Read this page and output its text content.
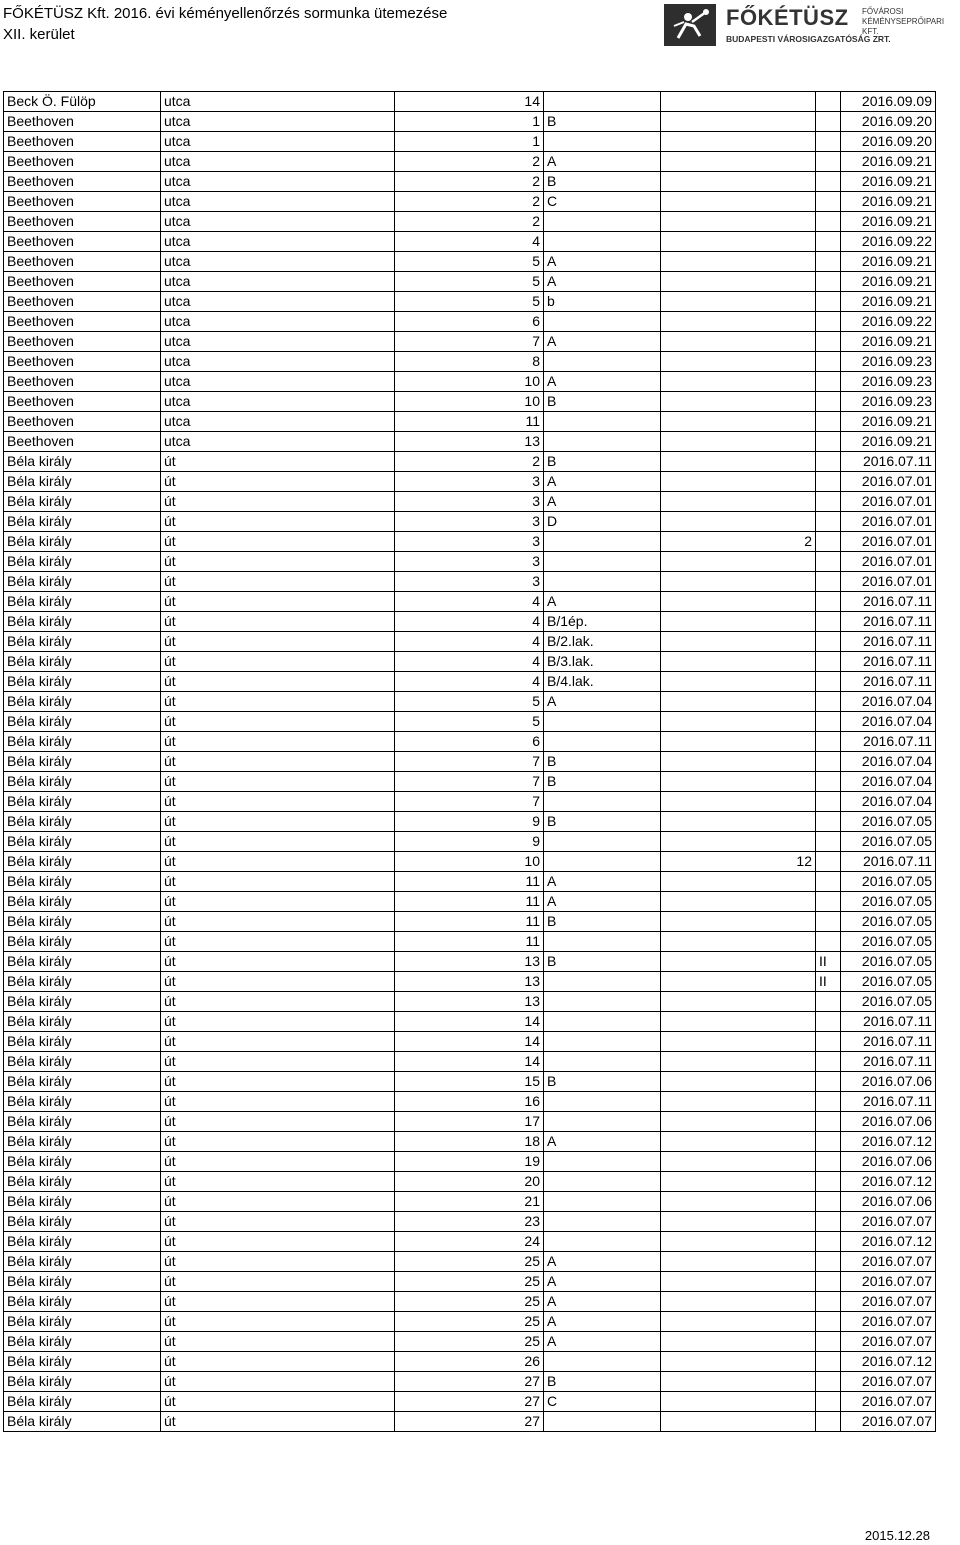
FŐKÉTÜSZ Kft. 2016. évi kéményellenőrzés sormunka ütemezése
XII. kerület
FŐKÉTÜSZ FŐVÁROSI
KÉMÉNYSEPRŐIPARI KFT.
BUDAPESTI VÁROSIGAZGATÓSÁG ZRT.
Beck Ö. Fülöp	utca	14				2016.09.09
Beethoven	utca	1	B			2016.09.20
Beethoven	utca	1				2016.09.20
Beethoven	utca	2	A			2016.09.21
Beethoven	utca	2	B			2016.09.21
Beethoven	utca	2	C			2016.09.21
Beethoven	utca	2				2016.09.21
Beethoven	utca	4				2016.09.22
Beethoven	utca	5	A			2016.09.21
Beethoven	utca	5	A			2016.09.21
Beethoven	utca	5	b			2016.09.21
Beethoven	utca	6				2016.09.22
Beethoven	utca	7	A			2016.09.21
Beethoven	utca	8				2016.09.23
Beethoven	utca	10	A			2016.09.23
Beethoven	utca	10	B			2016.09.23
Beethoven	utca	11				2016.09.21
Beethoven	utca	13				2016.09.21
Béla király	út	2	B			2016.07.11
Béla király	út	3	A			2016.07.01
Béla király	út	3	A			2016.07.01
Béla király	út	3	D			2016.07.01
Béla király	út	3		2		2016.07.01
Béla király	út	3				2016.07.01
Béla király	út	3				2016.07.01
Béla király	út	4	A			2016.07.11
Béla király	út	4	B/1ép.			2016.07.11
Béla király	út	4	B/2.lak.			2016.07.11
Béla király	út	4	B/3.lak.			2016.07.11
Béla király	út	4	B/4.lak.			2016.07.11
Béla király	út	5	A			2016.07.04
Béla király	út	5				2016.07.04
Béla király	út	6				2016.07.11
Béla király	út	7	B			2016.07.04
Béla király	út	7	B			2016.07.04
Béla király	út	7				2016.07.04
Béla király	út	9	B			2016.07.05
Béla király	út	9				2016.07.05
Béla király	út	10		12		2016.07.11
Béla király	út	11	A			2016.07.05
Béla király	út	11	A			2016.07.05
Béla király	út	11	B			2016.07.05
Béla király	út	11				2016.07.05
Béla király	út	13	B		II	2016.07.05
Béla király	út	13			II	2016.07.05
Béla király	út	13				2016.07.05
Béla király	út	14				2016.07.11
Béla király	út	14				2016.07.11
Béla király	út	14				2016.07.11
Béla király	út	15	B			2016.07.06
Béla király	út	16				2016.07.11
Béla király	út	17				2016.07.06
Béla király	út	18	A			2016.07.12
Béla király	út	19				2016.07.06
Béla király	út	20				2016.07.12
Béla király	út	21				2016.07.06
Béla király	út	23				2016.07.07
Béla király	út	24				2016.07.12
Béla király	út	25	A			2016.07.07
Béla király	út	25	A			2016.07.07
Béla király	út	25	A			2016.07.07
Béla király	út	25	A			2016.07.07
Béla király	út	25	A			2016.07.07
Béla király	út	26				2016.07.12
Béla király	út	27	B			2016.07.07
Béla király	út	27	C			2016.07.07
Béla király	út	27				2016.07.07
2015.12.28
